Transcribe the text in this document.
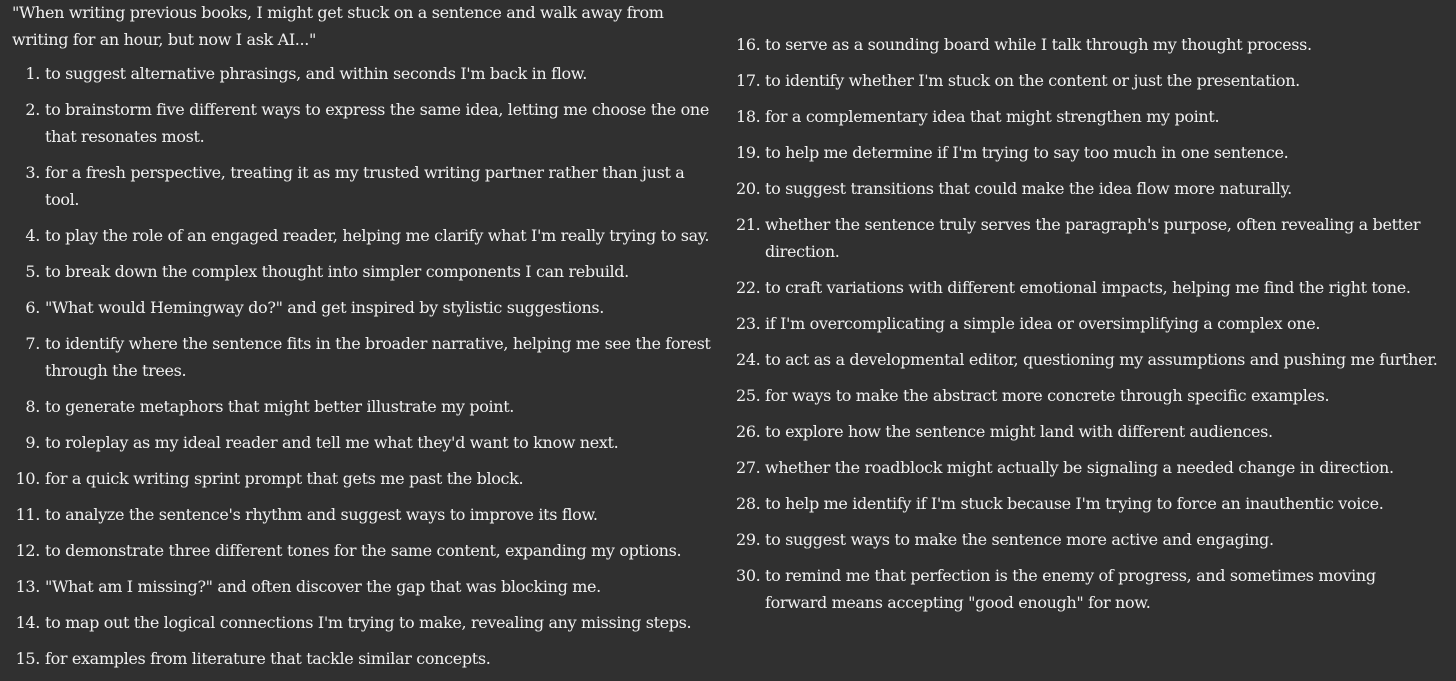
"When writing previous books, I might get stuck on a sentence and walk away from writing for an hour, but now I ask AI..."

1. to suggest alternative phrasings, and within seconds I'm back in flow.
2. to brainstorm five different ways to express the same idea, letting me choose the one that resonates most.
3. for a fresh perspective, treating it as my trusted writing partner rather than just a tool.
4. to play the role of an engaged reader, helping me clarify what I'm really trying to say.
5. to break down the complex thought into simpler components I can rebuild.
6. "What would Hemingway do?" and get inspired by stylistic suggestions.
7. to identify where the sentence fits in the broader narrative, helping me see the forest through the trees.
8. to generate metaphors that might better illustrate my point.
9. to roleplay as my ideal reader and tell me what they'd want to know next.
10. for a quick writing sprint prompt that gets me past the block.
11. to analyze the sentence's rhythm and suggest ways to improve its flow.
12. to demonstrate three different tones for the same content, expanding my options.
13. "What am I missing?" and often discover the gap that was blocking me.
14. to map out the logical connections I'm trying to make, revealing any missing steps.
15. for examples from literature that tackle similar concepts.
16. to serve as a sounding board while I talk through my thought process.
17. to identify whether I'm stuck on the content or just the presentation.
18. for a complementary idea that might strengthen my point.
19. to help me determine if I'm trying to say too much in one sentence.
20. to suggest transitions that could make the idea flow more naturally.
21. whether the sentence truly serves the paragraph's purpose, often revealing a better direction.
22. to craft variations with different emotional impacts, helping me find the right tone.
23. if I'm overcomplicating a simple idea or oversimplifying a complex one.
24. to act as a developmental editor, questioning my assumptions and pushing me further.
25. for ways to make the abstract more concrete through specific examples.
26. to explore how the sentence might land with different audiences.
27. whether the roadblock might actually be signaling a needed change in direction.
28. to help me identify if I'm stuck because I'm trying to force an inauthentic voice.
29. to suggest ways to make the sentence more active and engaging.
30. to remind me that perfection is the enemy of progress, and sometimes moving forward means accepting "good enough" for now.
